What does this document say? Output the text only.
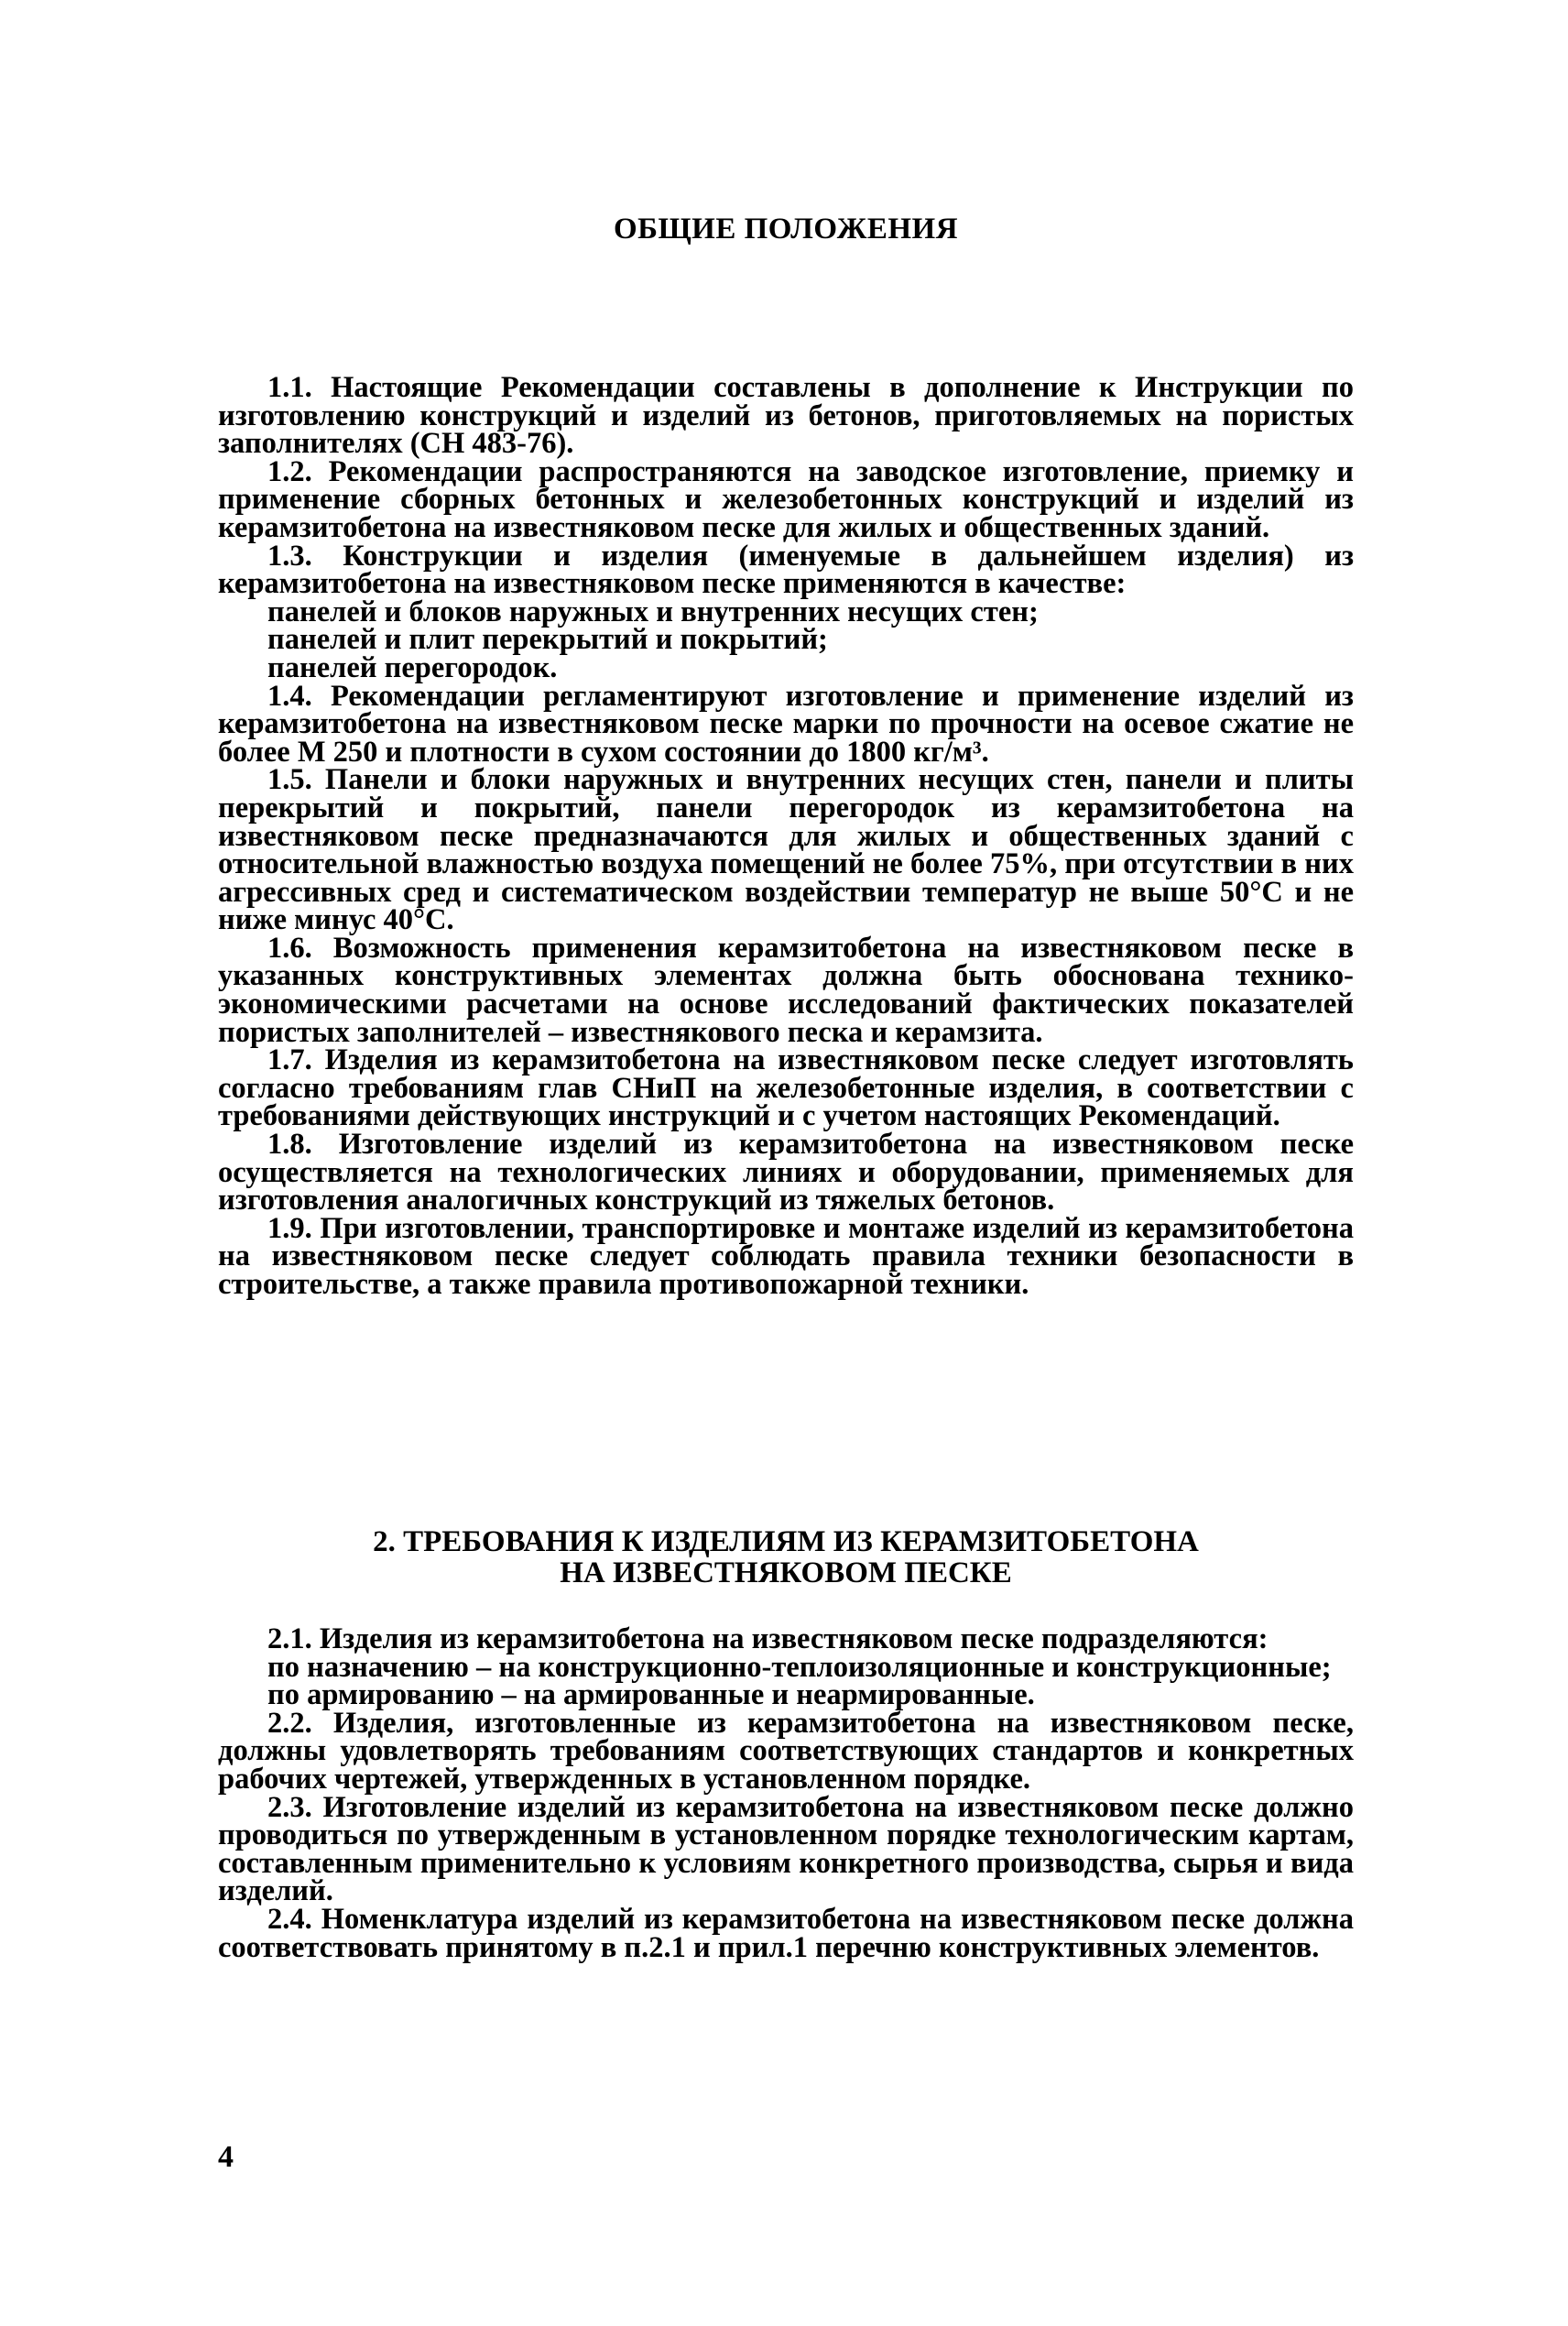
ОБЩИЕ ПОЛОЖЕНИЯ

1.1. Настоящие Рекомендации составлены в дополнение к Инструкции по изготовлению конструкций и изделий из бетонов, приготовляемых на пористых заполнителях (СН 483-76).

1.2. Рекомендации распространяются на заводское изготовление, приемку и применение сборных бетонных и железобетонных конструкций и изделий из керамзитобетона на известняковом песке для жилых и общественных зданий.

1.3. Конструкции и изделия (именуемые в дальнейшем изделия) из керамзитобетона на известняковом песке применяются в качестве:

панелей и блоков наружных и внутренних несущих стен;

панелей и плит перекрытий и покрытий;

панелей перегородок.

1.4. Рекомендации регламентируют изготовление и применение изделий из керамзитобетона на известняковом песке марки по прочности на осевое сжатие не более М 250 и плотности в сухом состоянии до 1800 кг/м³.

1.5. Панели и блоки наружных и внутренних несущих стен, панели и плиты перекрытий и покрытий, панели перегородок из керамзитобетона на известняковом песке предназначаются для жилых и общественных зданий с относительной влажностью воздуха помещений не более 75%, при отсутствии в них агрессивных сред и систематическом воздействии температур не выше 50°С и не ниже минус 40°С.

1.6. Возможность применения керамзитобетона на известняковом песке в указанных конструктивных элементах должна быть обоснована технико-экономическими расчетами на основе исследований фактических показателей пористых заполнителей – известнякового песка и керамзита.

1.7. Изделия из керамзитобетона на известняковом песке следует изготовлять согласно требованиям глав СНиП на железобетонные изделия, в соответствии с требованиями действующих инструкций и с учетом настоящих Рекомендаций.

1.8. Изготовление изделий из керамзитобетона на известняковом песке осуществляется на технологических линиях и оборудовании, применяемых для изготовления аналогичных конструкций из тяжелых бетонов.

1.9. При изготовлении, транспортировке и монтаже изделий из керамзитобетона на известняковом песке следует соблюдать правила техники безопасности в строительстве, а также правила противопожарной техники.

2. ТРЕБОВАНИЯ К ИЗДЕЛИЯМ ИЗ КЕРАМЗИТОБЕТОНА
НА ИЗВЕСТНЯКОВОМ ПЕСКЕ

2.1. Изделия из керамзитобетона на известняковом песке подразделяются:

по назначению – на конструкционно-теплоизоляционные и конструкционные;

по армированию – на армированные и неармированные.

2.2. Изделия, изготовленные из керамзитобетона на известняковом песке, должны удовлетворять требованиям соответствующих стандартов и конкретных рабочих чертежей, утвержденных в установленном порядке.

2.3. Изготовление изделий из керамзитобетона на известняковом песке должно проводиться по утвержденным в установленном порядке технологическим картам, составленным применительно к условиям конкретного производства, сырья и вида изделий.

2.4. Номенклатура изделий из керамзитобетона на известняковом песке должна соответствовать принятому в п.2.1 и прил.1 перечню конструктивных элементов.

4
